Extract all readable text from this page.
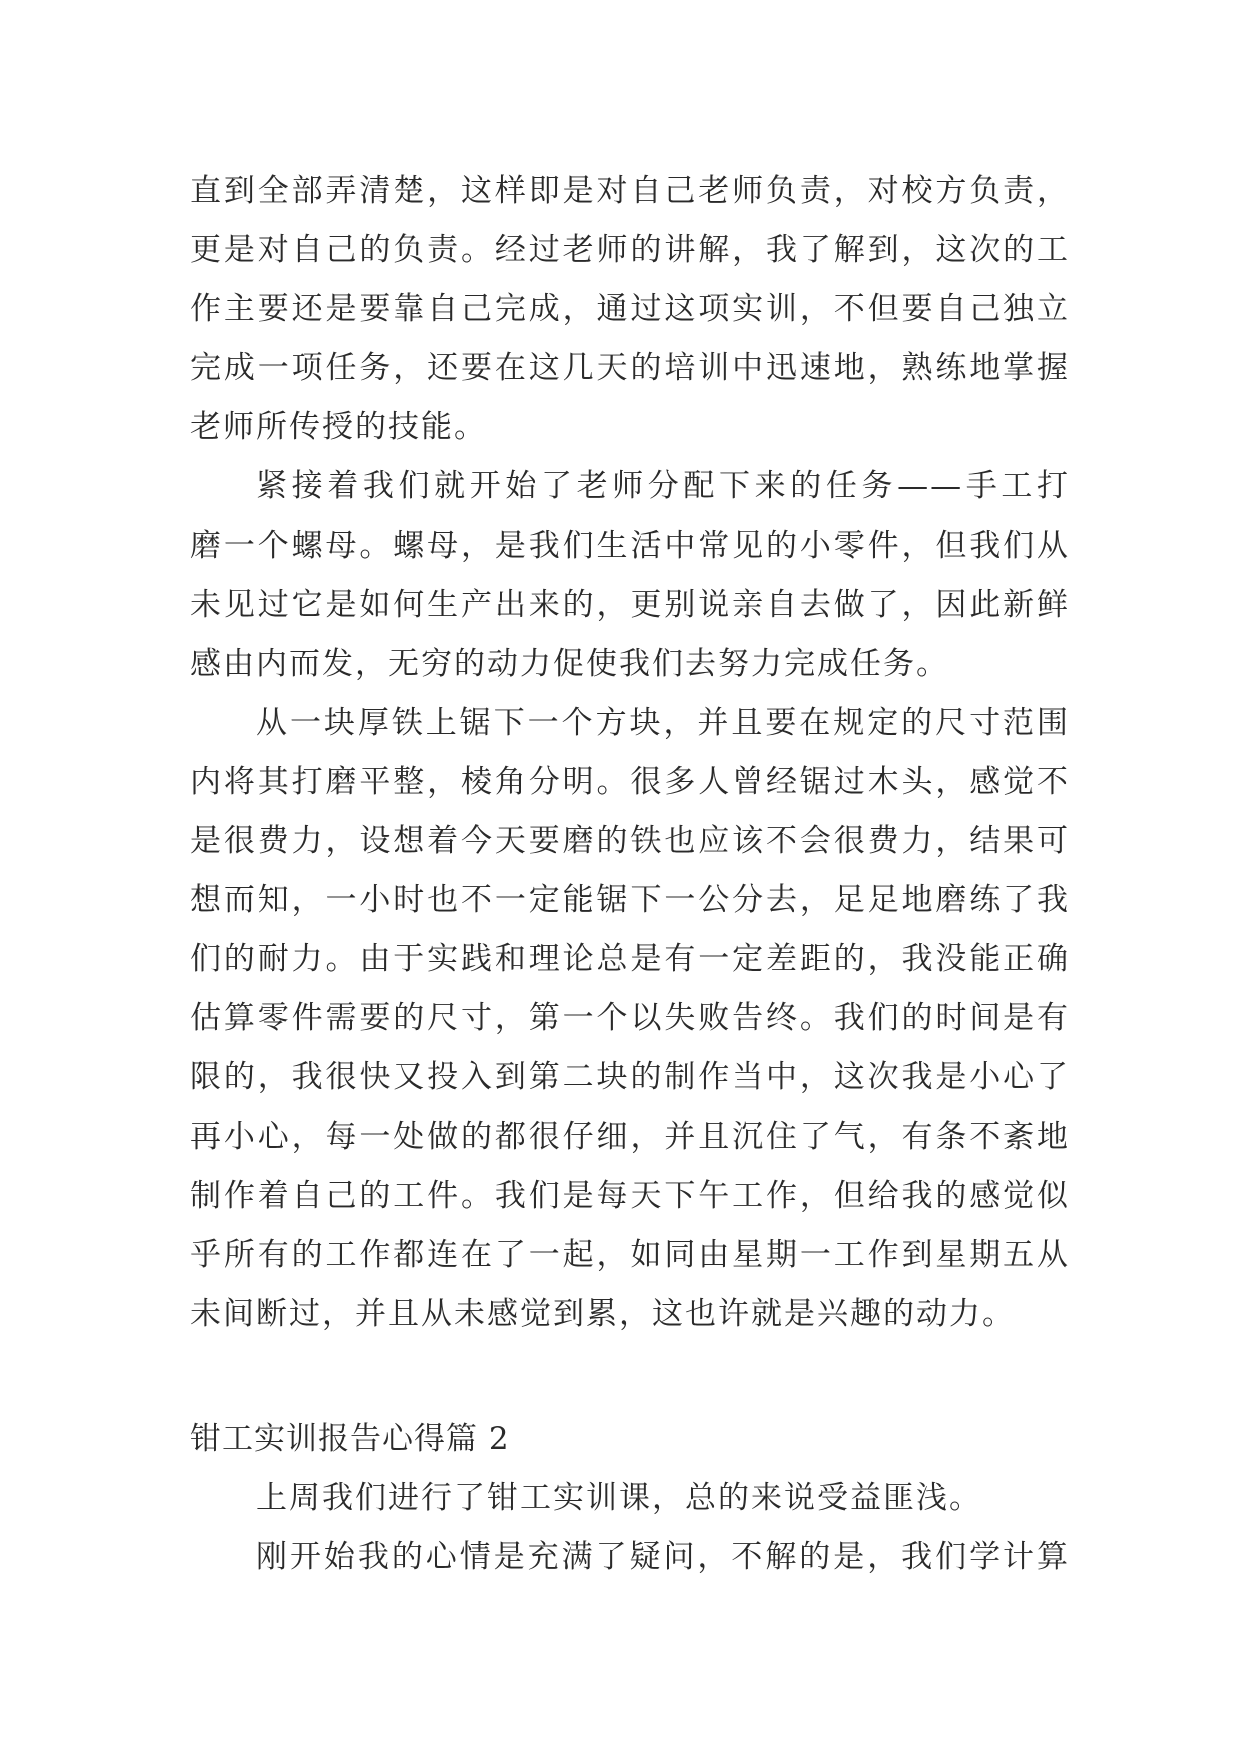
直到全部弄清楚，这样即是对自己老师负责，对校方负责，
更是对自己的负责。经过老师的讲解，我了解到，这次的工
作主要还是要靠自己完成，通过这项实训，不但要自己独立
完成一项任务，还要在这几天的培训中迅速地，熟练地掌握
老师所传授的技能。
紧接着我们就开始了老师分配下来的任务——手工打
磨一个螺母。螺母，是我们生活中常见的小零件，但我们从
未见过它是如何生产出来的，更别说亲自去做了，因此新鲜
感由内而发，无穷的动力促使我们去努力完成任务。
从一块厚铁上锯下一个方块，并且要在规定的尺寸范围
内将其打磨平整，棱角分明。很多人曾经锯过木头，感觉不
是很费力，设想着今天要磨的铁也应该不会很费力，结果可
想而知，一小时也不一定能锯下一公分去，足足地磨练了我
们的耐力。由于实践和理论总是有一定差距的，我没能正确
估算零件需要的尺寸，第一个以失败告终。我们的时间是有
限的，我很快又投入到第二块的制作当中，这次我是小心了
再小心，每一处做的都很仔细，并且沉住了气，有条不紊地
制作着自己的工件。我们是每天下午工作，但给我的感觉似
乎所有的工作都连在了一起，如同由星期一工作到星期五从
未间断过，并且从未感觉到累，这也许就是兴趣的动力。
钳工实训报告心得篇 2
上周我们进行了钳工实训课，总的来说受益匪浅。
刚开始我的心情是充满了疑问，不解的是，我们学计算
